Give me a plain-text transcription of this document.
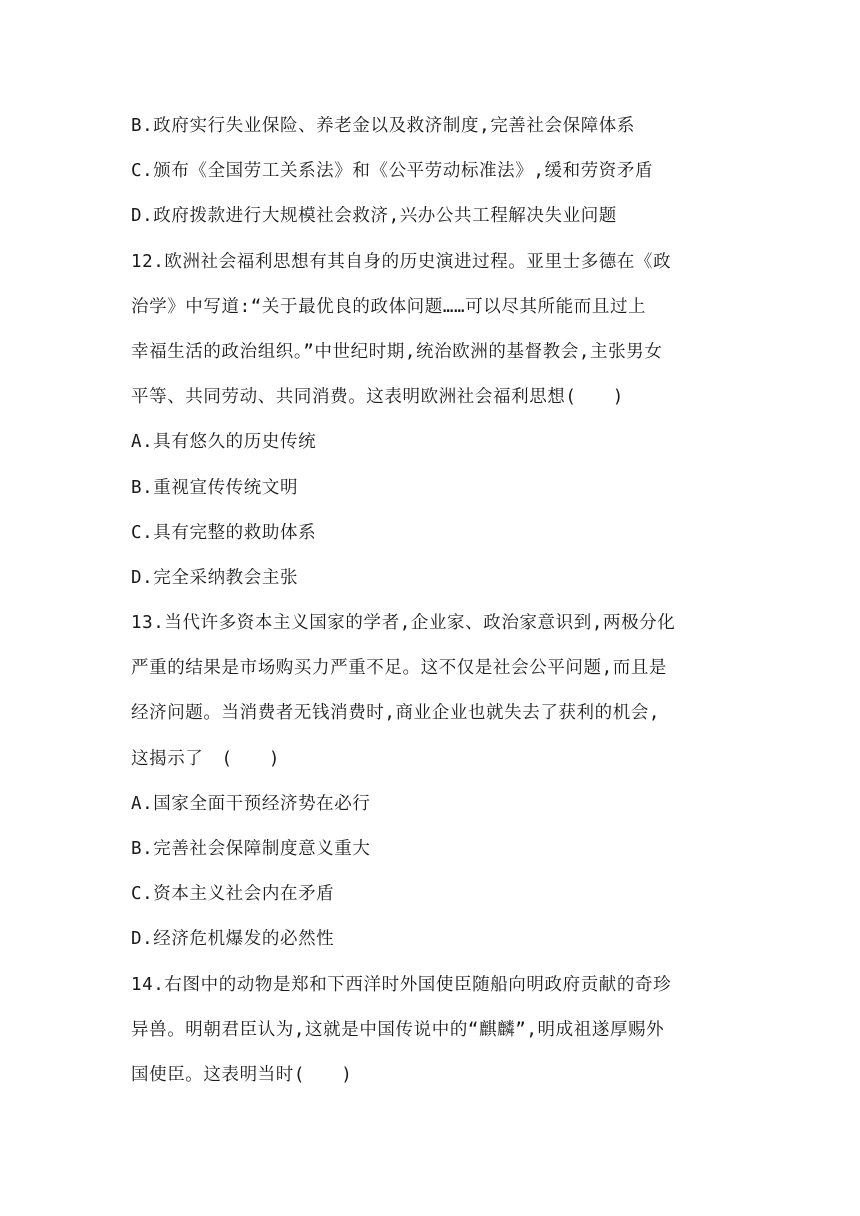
B.政府实行失业保险、养老金以及救济制度,完善社会保障体系
C.颁布《全国劳工关系法》和《公平劳动标准法》,缓和劳资矛盾
D.政府拨款进行大规模社会救济,兴办公共工程解决失业问题
12.欧洲社会福利思想有其自身的历史演进过程。亚里士多德在《政
治学》中写道:“关于最优良的政体问题……可以尽其所能而且过上
幸福生活的政治组织。”中世纪时期,统治欧洲的基督教会,主张男女
平等、共同劳动、共同消费。这表明欧洲社会福利思想(　　)
A.具有悠久的历史传统
B.重视宣传传统文明
C.具有完整的救助体系
D.完全采纳教会主张
13.当代许多资本主义国家的学者,企业家、政治家意识到,两极分化
严重的结果是市场购买力严重不足。这不仅是社会公平问题,而且是
经济问题。当消费者无钱消费时,商业企业也就失去了获利的机会,
这揭示了　(　　)
A.国家全面干预经济势在必行
B.完善社会保障制度意义重大
C.资本主义社会内在矛盾
D.经济危机爆发的必然性
14.右图中的动物是郑和下西洋时外国使臣随船向明政府贡献的奇珍
异兽。明朝君臣认为,这就是中国传说中的“麒麟”,明成祖遂厚赐外
国使臣。这表明当时(　　)
